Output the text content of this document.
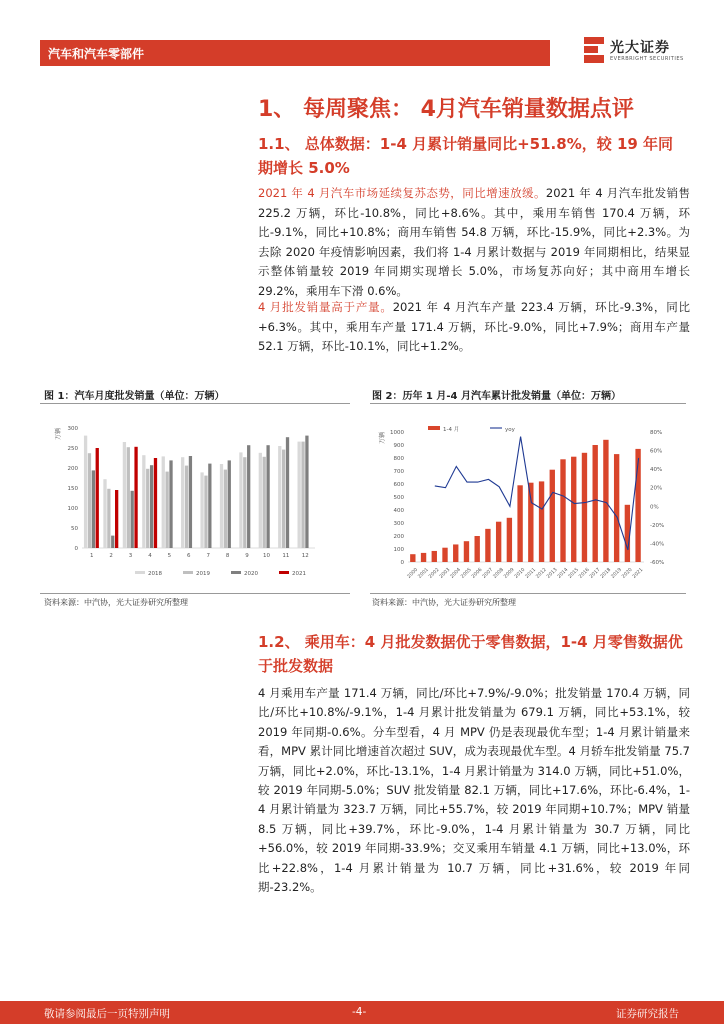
汽车和汽车零部件	光大证券
EVERBRIGHT SECURITIES
1、 每周聚焦： 4月汽车销量数据点评
1.1、 总体数据：1-4 月累计销量同比+51.8%，较 19 年同期增长 5.0%
2021 年 4 月汽车市场延续复苏态势，同比增速放缓。2021 年 4 月汽车批发销售 225.2 万辆，环比-10.8%，同比+8.6%。其中，乘用车销售 170.4 万辆，环比-9.1%，同比+10.8%；商用车销售 54.8 万辆，环比-15.9%，同比+2.3%。为去除 2020 年疫情影响因素，我们将 1-4 月累计数据与 2019 年同期相比，结果显示整体销量较 2019 年同期实现增长 5.0%，市场复苏向好；其中商用车增长 29.2%，乘用车下滑 0.6%。
4 月批发销量高于产量。2021 年 4 月汽车产量 223.4 万辆，环比-9.3%，同比+6.3%。其中，乘用车产量 171.4 万辆，环比-9.0%，同比+7.9%；商用车产量 52.1 万辆，环比-10.1%，同比+1.2%。
图 1：汽车月度批发销量（单位：万辆）
万辆
0
50
100
150
200
250
300
1	2	3	4	5	6	7	8	9	10 11 12
2018	2019	2020	2021
资料来源：中汽协，光大证券研究所整理
图 2：历年 1 月-4 月汽车累计批发销量（单位：万辆）
万辆
0
100
200
300
400
500
600
700
800
900
1000
-60%
-40%
-20%
0%
20%
40%
60%
80%
2000
2001
2002
2003
2004
2005
2006
2007
2008
2009
2010
2011
2012
2013
2014
2015
2016
2017
2018
2019
2020
2021
1-4 月	yoy
资料来源：中汽协，光大证券研究所整理
1.2、 乘用车：4 月批发数据优于零售数据，1-4 月零售数据优于批发数据
4 月乘用车产量 171.4 万辆，同比/环比+7.9%/-9.0%；批发销量 170.4 万辆，同比/环比+10.8%/-9.1%，1-4 月累计批发销量为 679.1 万辆，同比+53.1%，较 2019 年同期-0.6%。分车型看，4 月 MPV 仍是表现最优车型；1-4 月累计销量来看，MPV 累计同比增速首次超过 SUV，成为表现最优车型。4 月轿车批发销量 75.7 万辆，同比+2.0%，环比-13.1%，1-4 月累计销量为 314.0 万辆，同比+51.0%，较 2019 年同期-5.0%；SUV 批发销量 82.1 万辆，同比+17.6%，环比-6.4%，1-4 月累计销量为 323.7 万辆，同比+55.7%，较 2019 年同期+10.7%；MPV 销量 8.5 万辆，同比+39.7%，环比-9.0%，1-4 月累计销量为 30.7 万辆，同比+56.0%，较 2019 年同期-33.9%；交叉乘用车销量 4.1 万辆，同比+13.0%，环比+22.8%，1-4 月累计销量为 10.7 万辆，同比+31.6%，较 2019 年同期-23.2%。
敬请参阅最后一页特别声明	-4-	证券研究报告
